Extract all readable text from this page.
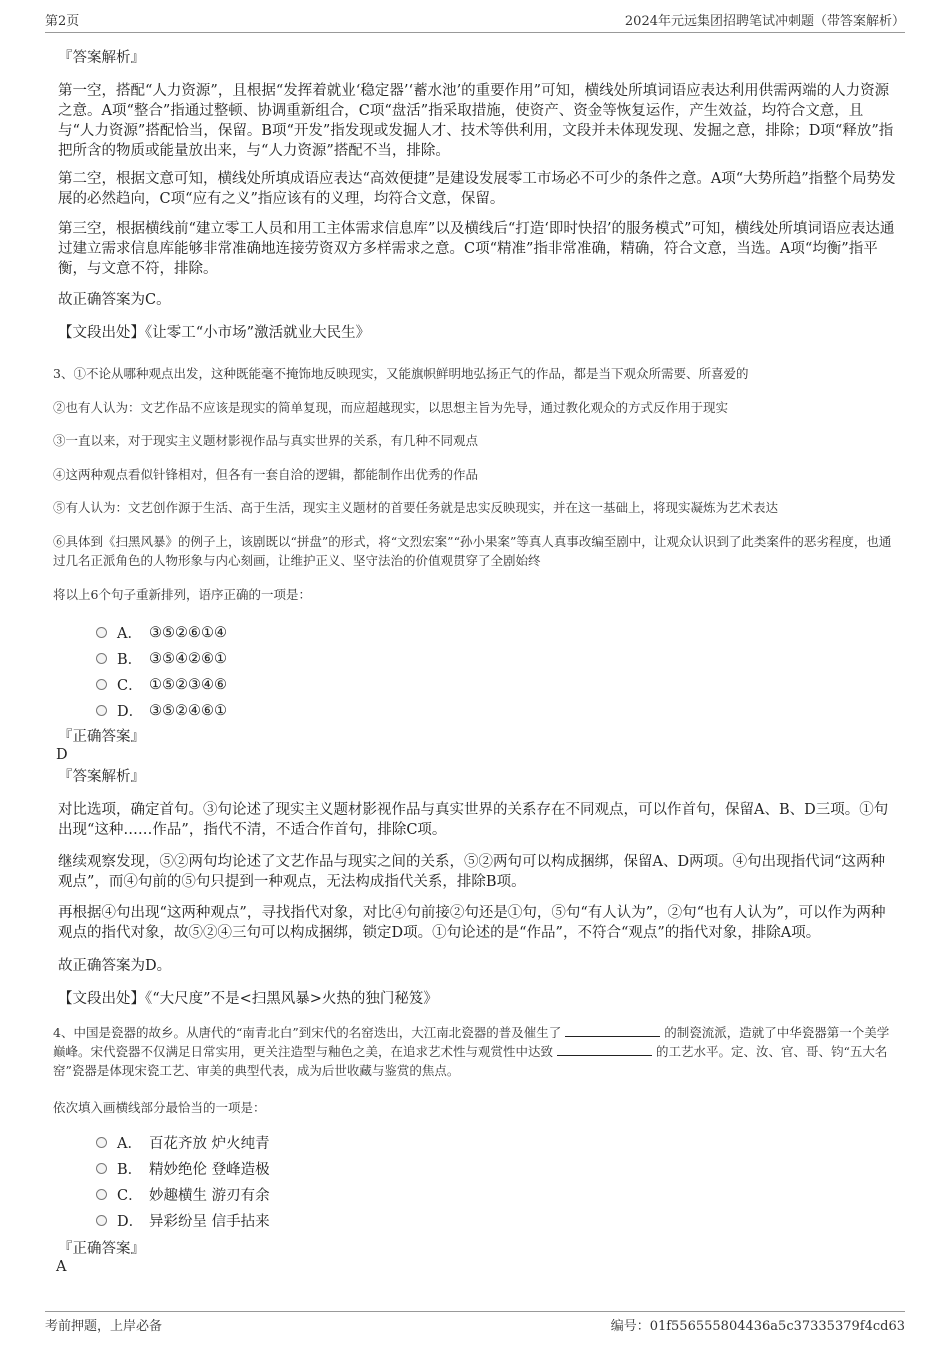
第2页	2024年元远集团招聘笔试冲刺题（带答案解析）
『答案解析』
第一空，搭配“人力资源”，且根据“发挥着就业‘稳定器’‘蓄水池’的重要作用”可知，横线处所填词语应表达利用供需两端的人力资源之意。A项“整合”指通过整顿、协调重新组合，C项“盘活”指采取措施，使资产、资金等恢复运作，产生效益，均符合文意，且与“人力资源”搭配恰当，保留。B项“开发”指发现或发掘人才、技术等供利用，文段并未体现发现、发掘之意，排除；D项“释放”指把所含的物质或能量放出来，与“人力资源”搭配不当，排除。
第二空，根据文意可知，横线处所填成语应表达“高效便捷”是建设发展零工市场必不可少的条件之意。A项“大势所趋”指整个局势发展的必然趋向，C项“应有之义”指应该有的义理，均符合文意，保留。
第三空，根据横线前“建立零工人员和用工主体需求信息库”以及横线后“打造‘即时快招’的服务模式”可知，横线处所填词语应表达通过建立需求信息库能够非常准确地连接劳资双方多样需求之意。C项“精准”指非常准确，精确，符合文意，当选。A项“均衡”指平衡，与文意不符，排除。
故正确答案为C。
【文段出处】《让零工“小市场”激活就业大民生》
3、①不论从哪种观点出发，这种既能毫不掩饰地反映现实，又能旗帜鲜明地弘扬正气的作品，都是当下观众所需要、所喜爱的
②也有人认为：文艺作品不应该是现实的简单复现，而应超越现实，以思想主旨为先导，通过教化观众的方式反作用于现实
③一直以来，对于现实主义题材影视作品与真实世界的关系，有几种不同观点
④这两种观点看似针锋相对，但各有一套自洽的逻辑，都能制作出优秀的作品
⑤有人认为：文艺创作源于生活、高于生活，现实主义题材的首要任务就是忠实反映现实，并在这一基础上，将现实凝炼为艺术表达
⑥具体到《扫黑风暴》的例子上，该剧既以“拼盘”的形式，将“文烈宏案”“孙小果案”等真人真事改编至剧中，让观众认识到了此类案件的恶劣程度，也通过几名正派角色的人物形象与内心刻画，让维护正义、坚守法治的价值观贯穿了全剧始终
将以上6个句子重新排列，语序正确的一项是：
A． ③⑤②⑥①④
B． ③⑤④②⑥①
C． ①⑤②③④⑥
D． ③⑤②④⑥①
『正确答案』
D
『答案解析』
对比选项，确定首句。③句论述了现实主义题材影视作品与真实世界的关系存在不同观点，可以作首句，保留A、B、D三项。①句出现“这种……作品”，指代不清，不适合作首句，排除C项。
继续观察发现，⑤②两句均论述了文艺作品与现实之间的关系，⑤②两句可以构成捆绑，保留A、D两项。④句出现指代词“这两种观点”，而④句前的⑤句只提到一种观点，无法构成指代关系，排除B项。
再根据④句出现“这两种观点”，寻找指代对象，对比④句前接②句还是①句，⑤句“有人认为”，②句“也有人认为”，可以作为两种观点的指代对象，故⑤②④三句可以构成捆绑，锁定D项。①句论述的是“作品”，不符合“观点”的指代对象，排除A项。
故正确答案为D。
【文段出处】《“大尺度”不是<扫黑风暴>火热的独门秘笈》
4、中国是瓷器的故乡。从唐代的“南青北白”到宋代的名窑迭出，大江南北瓷器的普及催生了	的制瓷流派，造就了中华瓷器第一个美学巅峰。宋代瓷器不仅满足日常实用，更关注造型与釉色之美，在追求艺术性与观赏性中达致	的工艺水平。定、汝、官、哥、钧“五大名窑”瓷器是体现宋瓷工艺、审美的典型代表，成为后世收藏与鉴赏的焦点。
依次填入画横线部分最恰当的一项是：
A． 百花齐放 炉火纯青
B． 精妙绝伦 登峰造极
C． 妙趣横生 游刃有余
D． 异彩纷呈 信手拈来
『正确答案』
A
考前押题，上岸必备	编号：01f556555804436a5c37335379f4cd63
